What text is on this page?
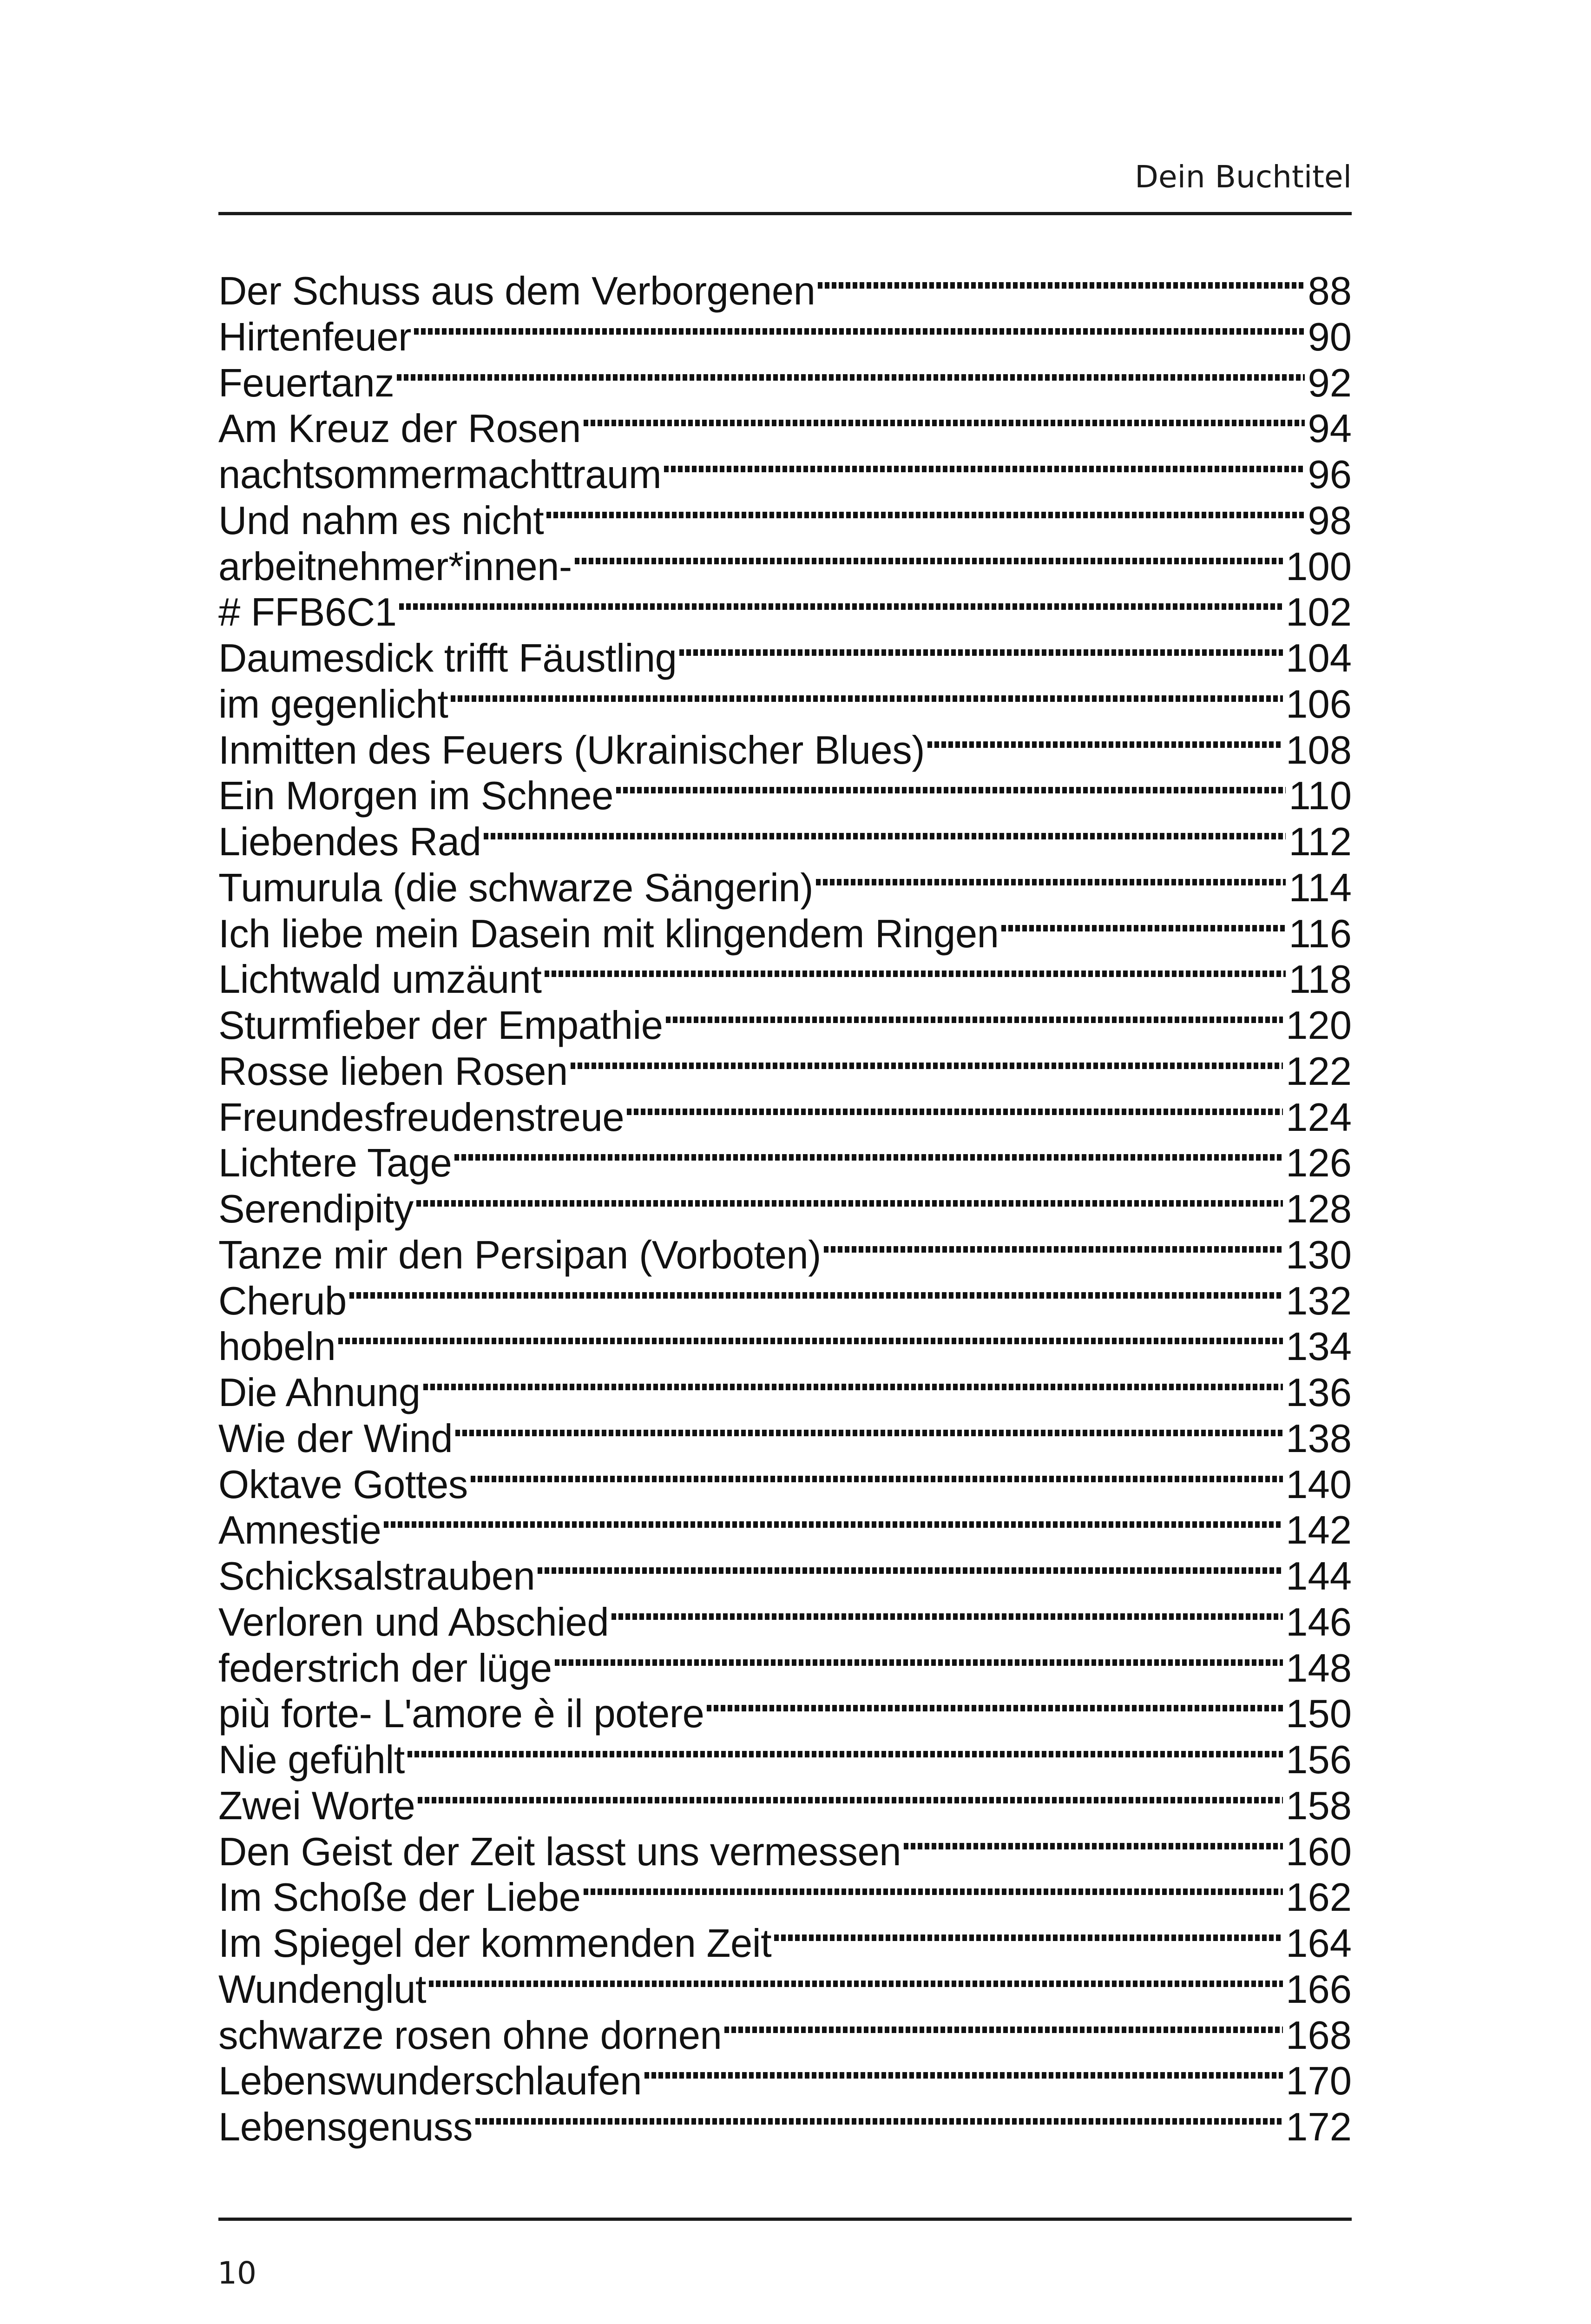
Dein Buchtitel
Der Schuss aus dem Verborgenen	88
Hirtenfeuer	90
Feuertanz	92
Am Kreuz der Rosen	94
nachtsommermachttraum	96
Und nahm es nicht	98
arbeitnehmer*innen-	100
# FFB6C1	102
Daumesdick trifft Fäustling	104
im gegenlicht	106
Inmitten des Feuers (Ukrainischer Blues)	108
Ein Morgen im Schnee	110
Liebendes Rad	112
Tumurula (die schwarze Sängerin)	114
Ich liebe mein Dasein mit klingendem Ringen	116
Lichtwald umzäunt	118
Sturmfieber der Empathie	120
Rosse lieben Rosen	122
Freundesfreudenstreue	124
Lichtere Tage	126
Serendipity	128
Tanze mir den Persipan (Vorboten)	130
Cherub	132
hobeln	134
Die Ahnung	136
Wie der Wind	138
Oktave Gottes	140
Amnestie	142
Schicksalstrauben	144
Verloren und Abschied	146
federstrich der lüge	148
più forte- L'amore è il potere	150
Nie gefühlt	156
Zwei Worte	158
Den Geist der Zeit lasst uns vermessen	160
Im Schoße der Liebe	162
Im Spiegel der kommenden Zeit	164
Wundenglut	166
schwarze rosen ohne dornen	168
Lebenswunderschlaufen	170
Lebensgenuss	172
10
